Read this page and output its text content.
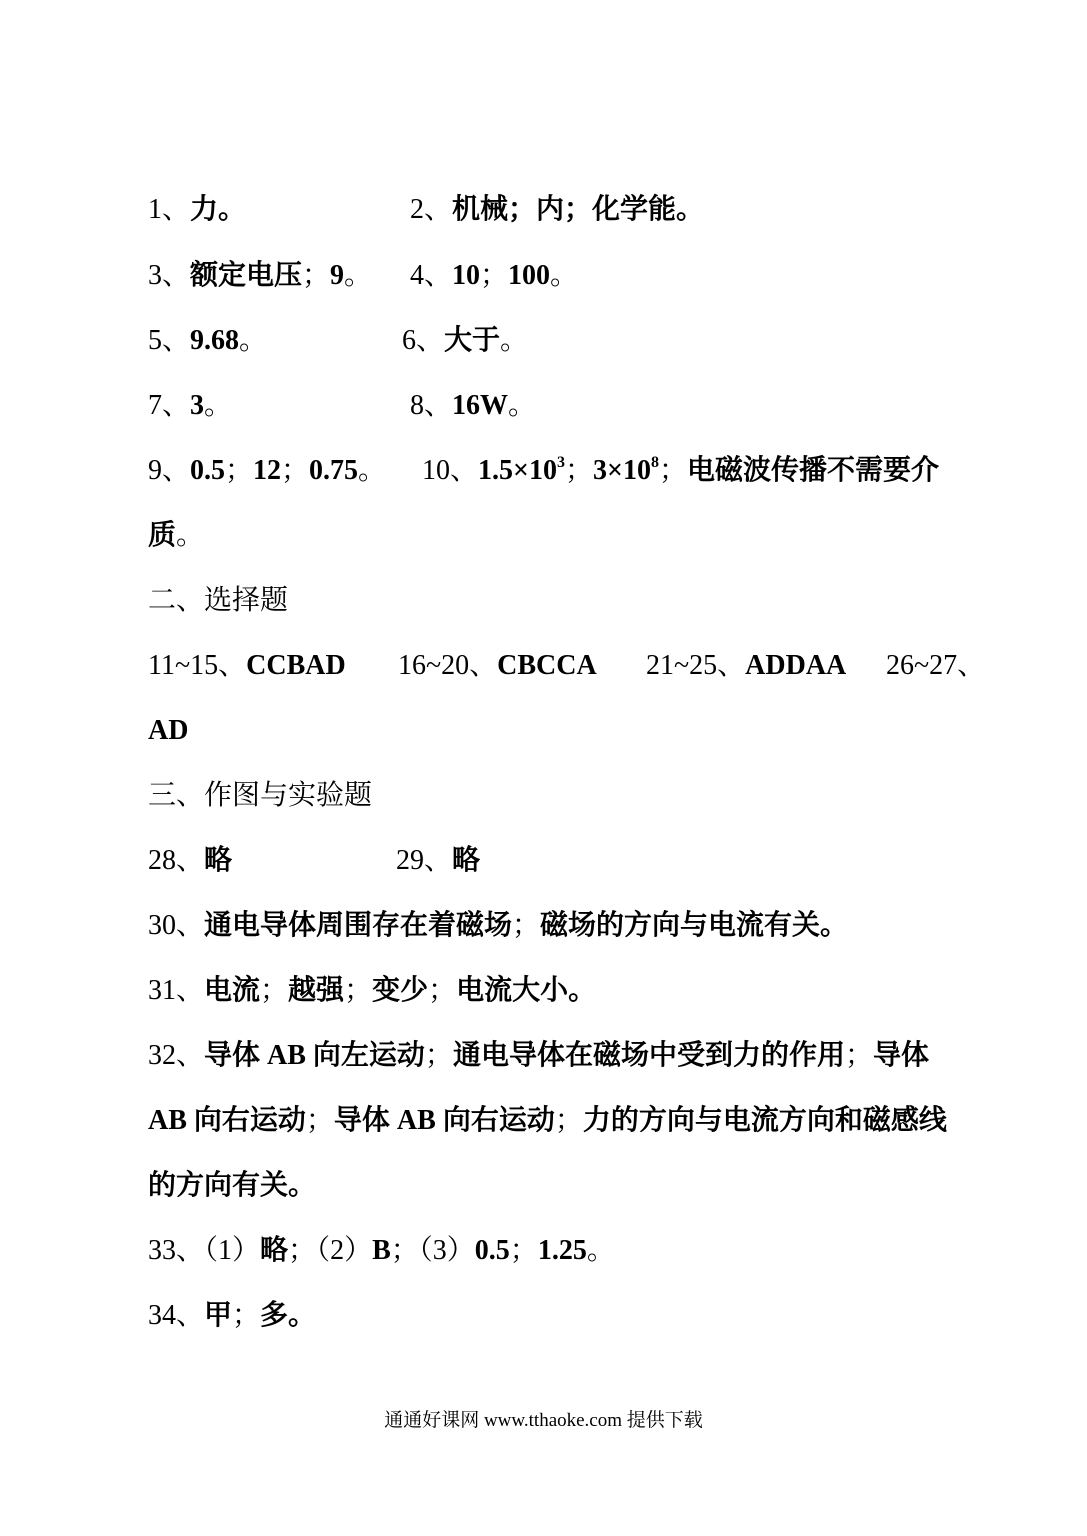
1、力。	2、机械；内；化学能。
3、额定电压；9。 4、10；100。
5、9.68。	6、大于。
7、3。	8、16W。
9、0.5；12；0.75。 10、$1.5\times 10^3$；$3\times 10^8$；电磁波传播不需要介
质。
二、选择题
11~15、CCBAD 16~20、CBCCA 21~25、ADDAA 26~27、
AD
三、作图与实验题
28、略	29、略
30、通电导体周围存在着磁场；磁场的方向与电流有关。
31、电流；越强；变少；电流大小。
32、导体 AB 向左运动；通电导体在磁场中受到力的作用；导体
AB 向右运动；导体 AB 向右运动；力的方向与电流方向和磁感线
的方向有关。
33、（1）略；（2）B；（3）0.5；1.25。
34、甲；多。
通通好课网 www.tthaoke.com 提供下载
